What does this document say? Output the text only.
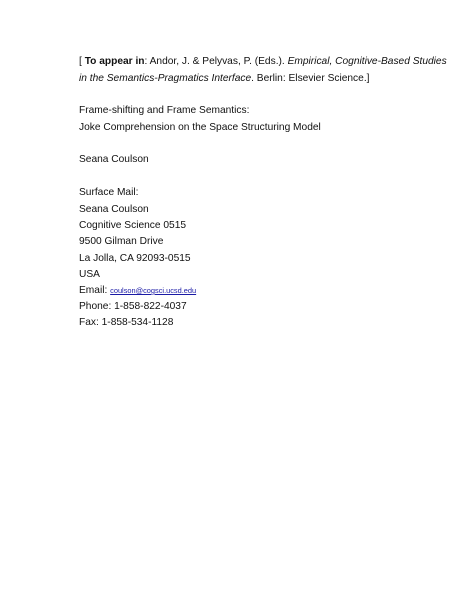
[ To appear in: Andor, J. & Pelyvas, P. (Eds.). Empirical, Cognitive-Based Studies
in the Semantics-Pragmatics Interface. Berlin: Elsevier Science.]
Frame-shifting and Frame Semantics:
Joke Comprehension on the Space Structuring Model
Seana Coulson
Surface Mail:
Seana Coulson
Cognitive Science 0515
9500 Gilman Drive
La Jolla, CA 92093-0515
USA
Email: coulson@cogsci.ucsd.edu
Phone: 1-858-822-4037
Fax: 1-858-534-1128
